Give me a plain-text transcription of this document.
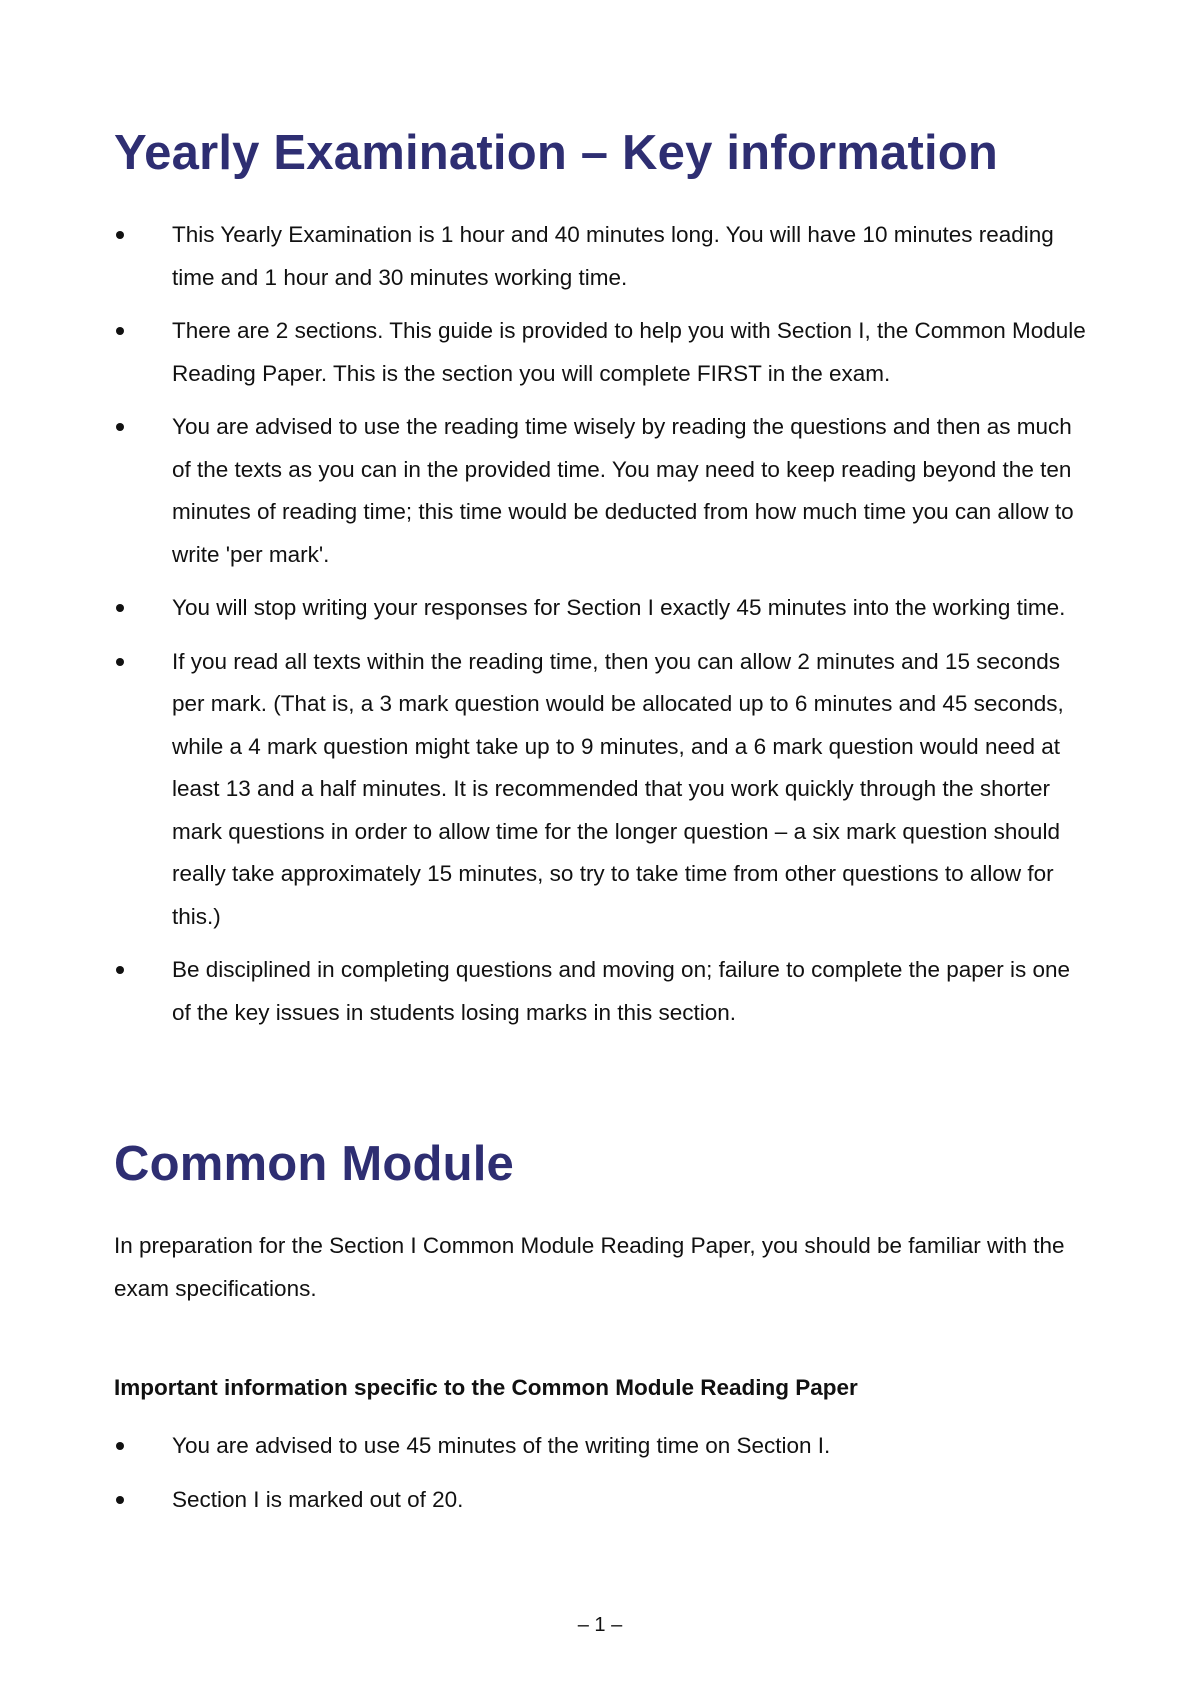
Yearly Examination – Key information
This Yearly Examination is 1 hour and 40 minutes long. You will have 10 minutes reading time and 1 hour and 30 minutes working time.
There are 2 sections. This guide is provided to help you with Section I, the Common Module Reading Paper. This is the section you will complete FIRST in the exam.
You are advised to use the reading time wisely by reading the questions and then as much of the texts as you can in the provided time. You may need to keep reading beyond the ten minutes of reading time; this time would be deducted from how much time you can allow to write 'per mark'.
You will stop writing your responses for Section I exactly 45 minutes into the working time.
If you read all texts within the reading time, then you can allow 2 minutes and 15 seconds per mark. (That is, a 3 mark question would be allocated up to 6 minutes and 45 seconds, while a 4 mark question might take up to 9 minutes, and a 6 mark question would need at least 13 and a half minutes. It is recommended that you work quickly through the shorter mark questions in order to allow time for the longer question – a six mark question should really take approximately 15 minutes, so try to take time from other questions to allow for this.)
Be disciplined in completing questions and moving on; failure to complete the paper is one of the key issues in students losing marks in this section.
Common Module

In preparation for the Section I Common Module Reading Paper, you should be familiar with the exam specifications.

Important information specific to the Common Module Reading Paper
You are advised to use 45 minutes of the writing time on Section I.
Section I is marked out of 20.
– 1 –
